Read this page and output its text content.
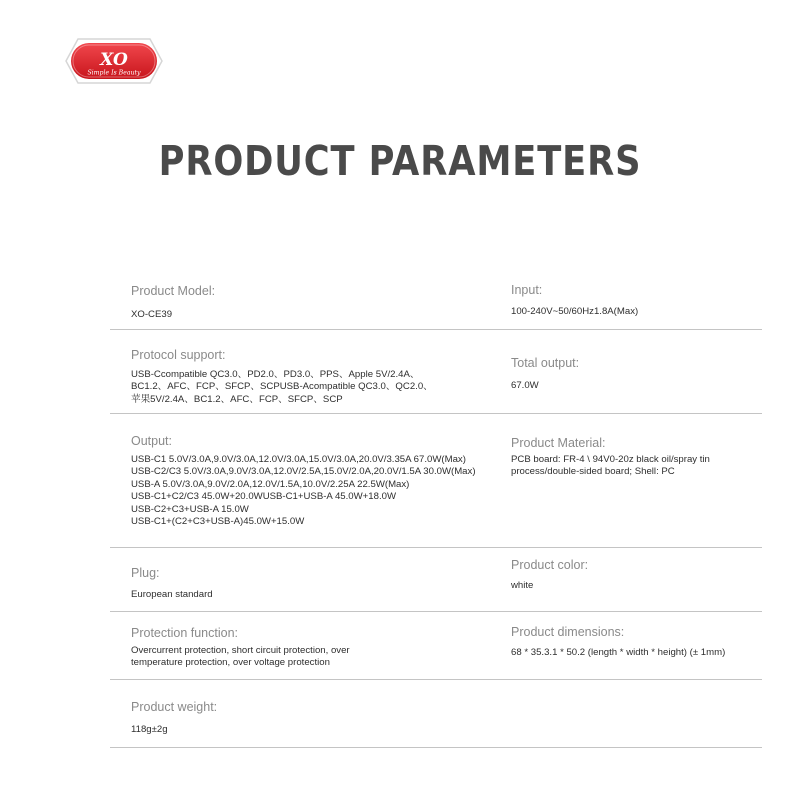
XO
Simple Is Beauty
PRODUCT PARAMETERS
Product Model:
XO-CE39
Input:
100-240V~50/60Hz1.8A(Max)
Protocol support:
USB-Ccompatible QC3.0、PD2.0、PD3.0、PPS、Apple 5V/2.4A、
BC1.2、AFC、FCP、SFCP、SCPUSB-Acompatible QC3.0、QC2.0、
苹果5V/2.4A、BC1.2、AFC、FCP、SFCP、SCP
Total output:
67.0W
Output:
USB-C1 5.0V/3.0A,9.0V/3.0A,12.0V/3.0A,15.0V/3.0A,20.0V/3.35A 67.0W(Max)
USB-C2/C3 5.0V/3.0A,9.0V/3.0A,12.0V/2.5A,15.0V/2.0A,20.0V/1.5A 30.0W(Max)
USB-A 5.0V/3.0A,9.0V/2.0A,12.0V/1.5A,10.0V/2.25A 22.5W(Max)
USB-C1+C2/C3 45.0W+20.0WUSB-C1+USB-A 45.0W+18.0W
USB-C2+C3+USB-A 15.0W
USB-C1+(C2+C3+USB-A)45.0W+15.0W
Product Material:
PCB board: FR-4 \ 94V0-20z black oil/spray tin
process/double-sided board; Shell: PC
Plug:
European standard
Product color:
white
Protection function:
Overcurrent protection, short circuit protection, over
temperature protection, over voltage protection
Product dimensions:
68 * 35.3.1 * 50.2 (length * width * height) (± 1mm)
Product weight:
118g±2g
